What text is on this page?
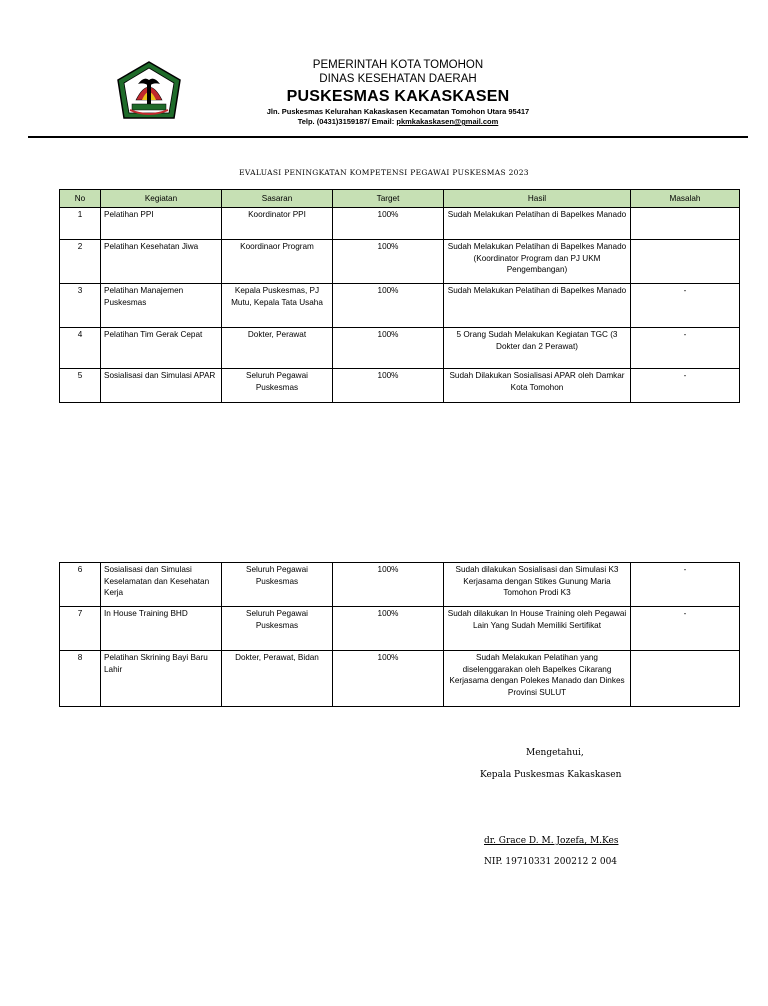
PEMERINTAH KOTA TOMOHON
DINAS KESEHATAN DAERAH
PUSKESMAS KAKASKASEN
Jln. Puskesmas Kelurahan Kakaskasen Kecamatan Tomohon Utara 95417
Telp. (0431)3159187/ Email: pkmkakaskasen@gmail.com
EVALUASI PENINGKATAN KOMPETENSI PEGAWAI PUSKESMAS 2023
No	Kegiatan	Sasaran	Target	Hasil	Masalah
1	Pelatihan PPI	Koordinator PPI	100%	Sudah Melakukan Pelatihan di Bapelkes Manado	
2	Pelatihan Kesehatan Jiwa	Koordinaor Program	100%	Sudah Melakukan Pelatihan di Bapelkes Manado (Koordinator Program dan PJ UKM Pengembangan)	
3	Pelatihan Manajemen Puskesmas	Kepala Puskesmas, PJ Mutu, Kepala Tata Usaha	100%	Sudah Melakukan Pelatihan di Bapelkes Manado	-
4	Pelatihan Tim Gerak Cepat	Dokter, Perawat	100%	5 Orang Sudah Melakukan Kegiatan TGC (3 Dokter dan 2 Perawat)	-
5	Sosialisasi dan Simulasi APAR	Seluruh Pegawai Puskesmas	100%	Sudah Dilakukan Sosialisasi APAR oleh Damkar Kota Tomohon	-
6	Sosialisasi dan Simulasi Keselamatan dan Kesehatan Kerja	Seluruh Pegawai Puskesmas	100%	Sudah dilakukan Sosialisasi dan Simulasi K3 Kerjasama dengan Stikes Gunung Maria Tomohon Prodi K3	-
7	In House Training BHD	Seluruh Pegawai Puskesmas	100%	Sudah dilakukan In House Training oleh Pegawai Lain Yang Sudah Memiliki Sertifikat	-
8	Pelatihan Skrining Bayi Baru Lahir	Dokter, Perawat, Bidan	100%	Sudah Melakukan Pelatihan yang diselenggarakan oleh Bapelkes Cikarang Kerjasama dengan Polekes Manado dan Dinkes Provinsi SULUT	
Mengetahui,
Kepala Puskesmas Kakaskasen
dr. Grace D. M. Jozefa, M.Kes
NIP. 19710331 200212 2 004
